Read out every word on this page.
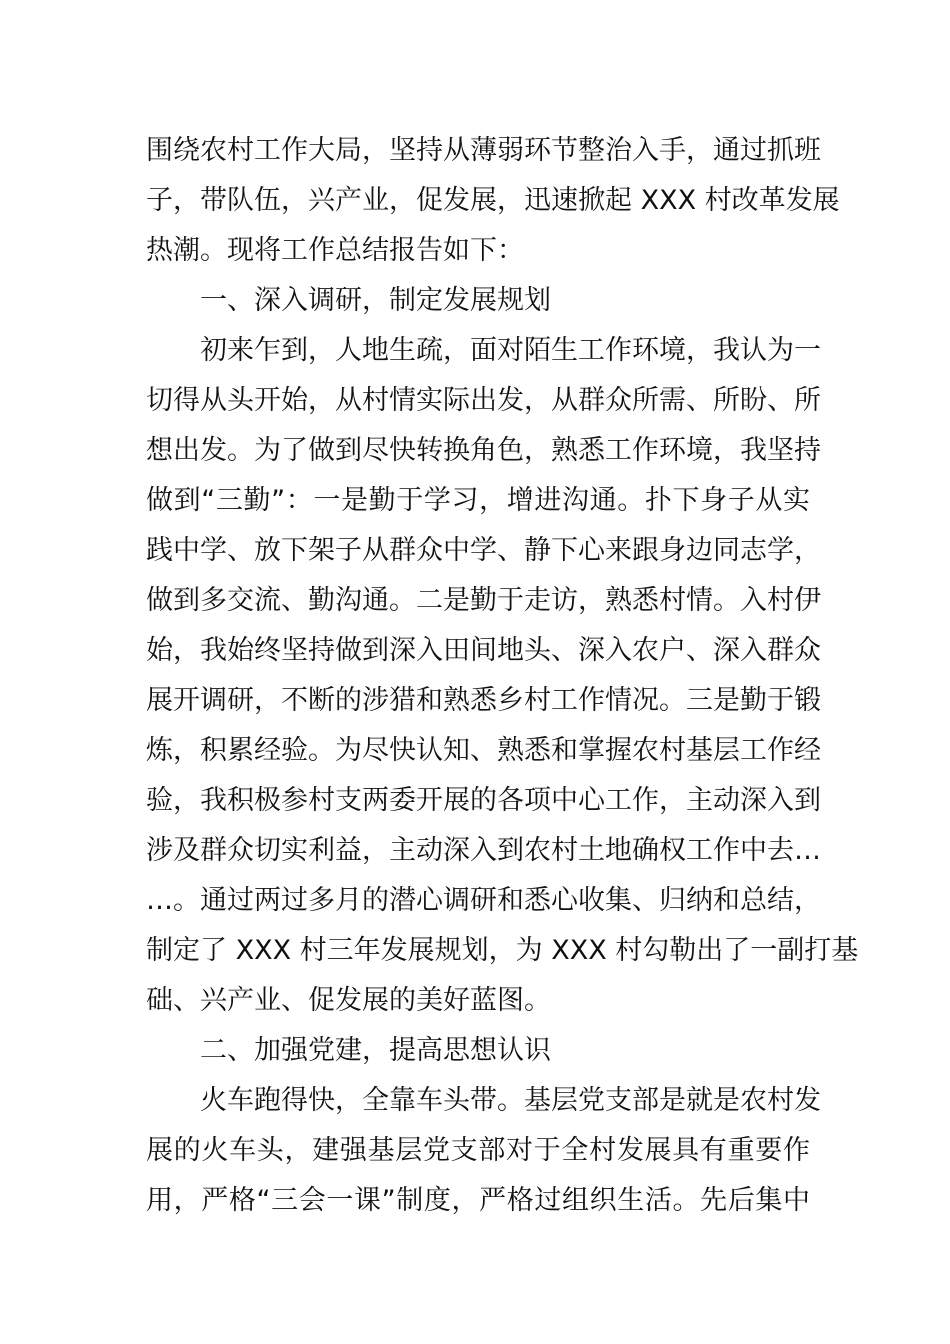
围绕农村工作大局，坚持从薄弱环节整治入手，通过抓班
子，带队伍，兴产业，促发展，迅速掀起 XXX 村改革发展
热潮。现将工作总结报告如下：
一、深入调研，制定发展规划
初来乍到，人地生疏，面对陌生工作环境，我认为一
切得从头开始，从村情实际出发，从群众所需、所盼、所
想出发。为了做到尽快转换角色，熟悉工作环境，我坚持
做到“三勤”：一是勤于学习，增进沟通。扑下身子从实
践中学、放下架子从群众中学、静下心来跟身边同志学，
做到多交流、勤沟通。二是勤于走访，熟悉村情。入村伊
始，我始终坚持做到深入田间地头、深入农户、深入群众
展开调研，不断的涉猎和熟悉乡村工作情况。三是勤于锻
炼，积累经验。为尽快认知、熟悉和掌握农村基层工作经
验，我积极参村支两委开展的各项中心工作，主动深入到
涉及群众切实利益，主动深入到农村土地确权工作中去…
…。通过两过多月的潜心调研和悉心收集、归纳和总结，
制定了 XXX 村三年发展规划，为 XXX 村勾勒出了一副打基
础、兴产业、促发展的美好蓝图。
二、加强党建，提高思想认识
火车跑得快，全靠车头带。基层党支部是就是农村发
展的火车头，建强基层党支部对于全村发展具有重要作
用，严格“三会一课”制度，严格过组织生活。先后集中
